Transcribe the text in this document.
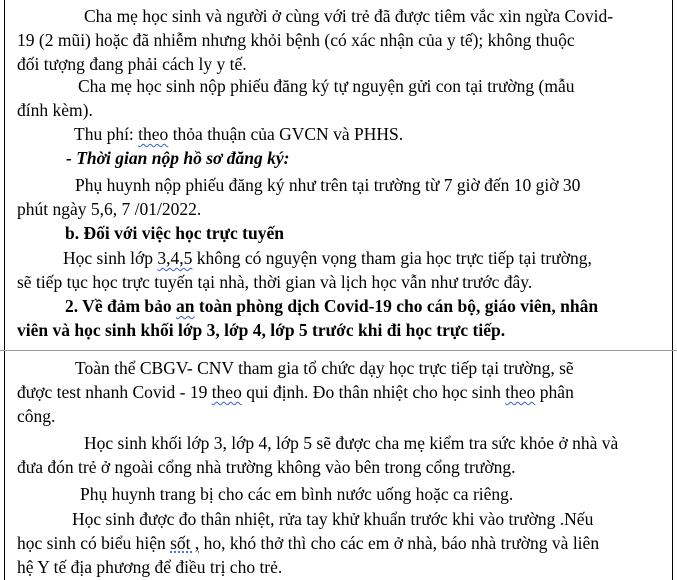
Cha mẹ học sinh và người ở cùng với trẻ đã được tiêm vắc xin ngừa Covid-
19 (2 mũi) hoặc đã nhiễm nhưng khỏi bệnh (có xác nhận của y tế); không thuộc
đối tượng đang phải cách ly y tế.
Cha mẹ học sinh nộp phiếu đăng ký tự nguyện gửi con tại trường (mẫu
đính kèm).
Thu phí: theo thỏa thuận của GVCN và PHHS.
- Thời gian nộp hồ sơ đăng ký:
Phụ huynh nộp phiếu đăng ký như trên tại trường từ 7 giờ đến 10 giờ 30
phút ngày 5,6, 7 /01/2022.
b. Đối với việc học trực tuyến
Học sinh lớp 3,4,5 không có nguyện vọng tham gia học trực tiếp tại trường,
sẽ tiếp tục học trực tuyến tại nhà, thời gian và lịch học vẫn như trước đây.
2. Về đảm bảo an toàn phòng dịch Covid-19 cho cán bộ, giáo viên, nhân
viên và học sinh khối lớp 3, lớp 4, lớp 5 trước khi đi học trực tiếp.
Toàn thể CBGV- CNV tham gia tổ chức dạy học trực tiếp tại trường, sẽ
được test nhanh Covid - 19 theo qui định. Đo thân nhiệt cho học sinh theo phân
công.
Học sinh khối lớp 3, lớp 4, lớp 5 sẽ được cha mẹ kiểm tra sức khỏe ở nhà và
đưa đón trẻ ở ngoài cổng nhà trường không vào bên trong cổng trường.
Phụ huynh trang bị cho các em bình nước uống hoặc ca riêng.
Học sinh được đo thân nhiệt, rửa tay khử khuẩn trước khi vào trường .Nếu
học sinh có biểu hiện sốt , ho, khó thở thì cho các em ở nhà, báo nhà trường và liên
hệ Y tế địa phương để điều trị cho trẻ.
